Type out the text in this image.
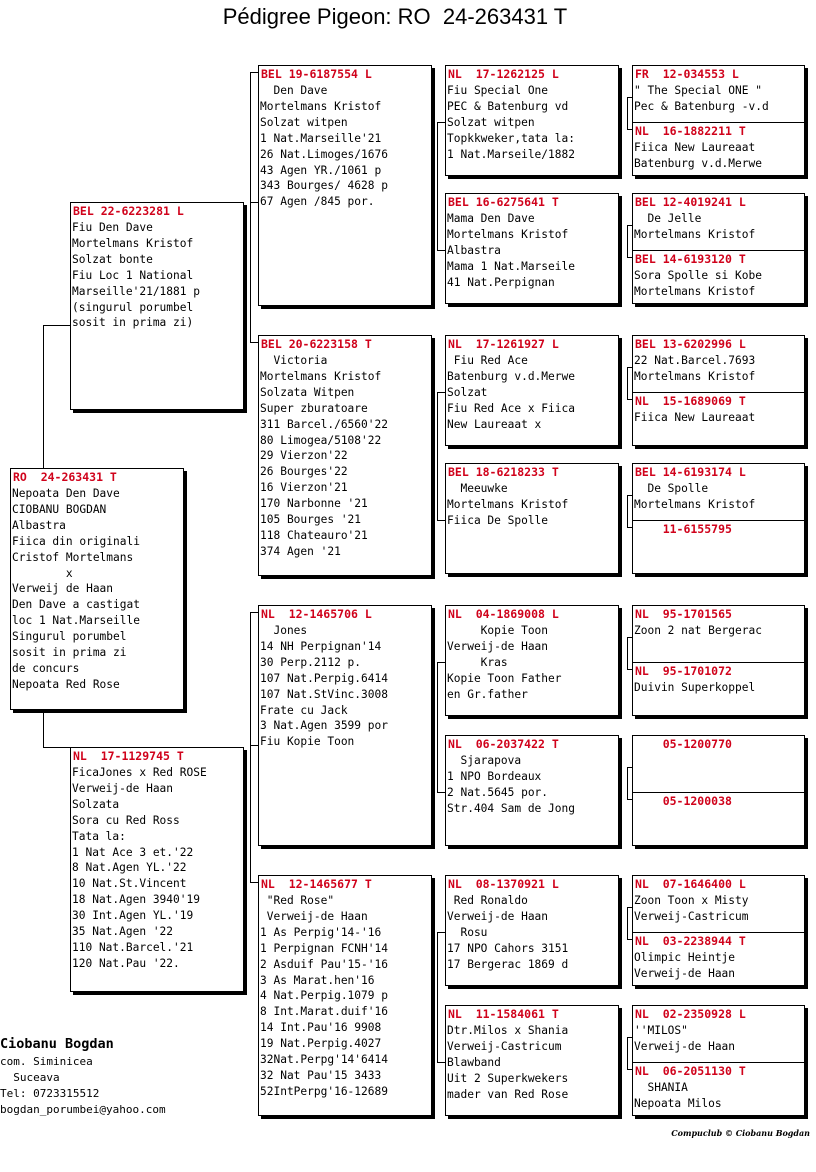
Pédigree Pigeon: RO  24-263431 T
RO  24-263431 T
Nepoata Den Dave
CIOBANU BOGDAN
Albastra
Fiica din originali
Cristof Mortelmans
x
Verweij de Haan
Den Dave a castigat
loc 1 Nat.Marseille
Singurul porumbel
sosit in prima zi
de concurs
Nepoata Red Rose
BEL 22-6223281 L
Fiu Den Dave
Mortelmans Kristof
Solzat bonte
Fiu Loc 1 National
Marseille'21/1881 p
(singurul porumbel
sosit in prima zi)
NL  17-1129745 T
FicaJones x Red ROSE
Verweij-de Haan
Solzata
Sora cu Red Ross
Tata la:
1 Nat Ace 3 et.'22
8 Nat.Agen YL.'22
10 Nat.St.Vincent
18 Nat.Agen 3940'19
30 Int.Agen YL.'19
35 Nat.Agen '22
110 Nat.Barcel.'21
120 Nat.Pau '22.
BEL 19-6187554 L
Den Dave
Mortelmans Kristof
Solzat witpen
1 Nat.Marseille'21
26 Nat.Limoges/1676
43 Agen YR./1061 p
343 Bourges/ 4628 p
67 Agen /845 por.
BEL 20-6223158 T
Victoria
Mortelmans Kristof
Solzata Witpen
Super zburatoare
311 Barcel./6560'22
80 Limogea/5108'22
29 Vierzon'22
26 Bourges'22
16 Vierzon'21
170 Narbonne '21
105 Bourges '21
118 Chateauro'21
374 Agen '21
NL  12-1465706 L
Jones
14 NH Perpignan'14
30 Perp.2112 p.
107 Nat.Perpig.6414
107 Nat.StVinc.3008
Frate cu Jack
3 Nat.Agen 3599 por
Fiu Kopie Toon
NL  12-1465677 T
"Red Rose"
Verweij-de Haan
1 As Perpig'14-'16
1 Perpignan FCNH'14
2 Asduif Pau'15-'16
3 As Marat.hen'16
4 Nat.Perpig.1079 p
8 Int.Marat.duif'16
14 Int.Pau'16 9908
19 Nat.Perpig.4027
32Nat.Perpg'14'6414
32 Nat Pau'15 3433
52IntPerpg'16-12689
NL  17-1262125 L
Fiu Special One
PEC & Batenburg vd
Solzat witpen
Topkkweker,tata la:
1 Nat.Marseile/1882
BEL 16-6275641 T
Mama Den Dave
Mortelmans Kristof
Albastra
Mama 1 Nat.Marseile
41 Nat.Perpignan
NL  17-1261927 L
Fiu Red Ace
Batenburg v.d.Merwe
Solzat
Fiu Red Ace x Fiica
New Laureaat x
BEL 18-6218233 T
Meeuwke
Mortelmans Kristof
Fiica De Spolle
NL  04-1869008 L
Kopie Toon
Verweij-de Haan
Kras
Kopie Toon Father
en Gr.father
NL  06-2037422 T
Sjarapova
1 NPO Bordeaux
2 Nat.5645 por.
Str.404 Sam de Jong
NL  08-1370921 L
Red Ronaldo
Verweij-de Haan
Rosu
17 NPO Cahors 3151
17 Bergerac 1869 d
NL  11-1584061 T
Dtr.Milos x Shania
Verweij-Castricum
Blawband
Uit 2 Superkwekers
mader van Red Rose
FR  12-034553 L
" The Special ONE "
Pec & Batenburg -v.d
NL  16-1882211 T
Fiica New Laureaat
Batenburg v.d.Merwe
BEL 12-4019241 L
De Jelle
Mortelmans Kristof
BEL 14-6193120 T
Sora Spolle si Kobe
Mortelmans Kristof
BEL 13-6202996 L
22 Nat.Barcel.7693
Mortelmans Kristof
NL  15-1689069 T
Fiica New Laureaat
BEL 14-6193174 L
De Spolle
Mortelmans Kristof
11-6155795
NL  95-1701565
Zoon 2 nat Bergerac
NL  95-1701072
Duivin Superkoppel
05-1200770
05-1200038
NL  07-1646400 L
Zoon Toon x Misty
Verweij-Castricum
NL  03-2238944 T
Olimpic Heintje
Verweij-de Haan
NL  02-2350928 L
''MILOS"
Verweij-de Haan
NL  06-2051130 T
SHANIA
Nepoata Milos
Ciobanu Bogdan
com. Siminicea
Suceava
Tel: 0723315512
bogdan_porumbei@yahoo.com
Compuclub © Ciobanu Bogdan
